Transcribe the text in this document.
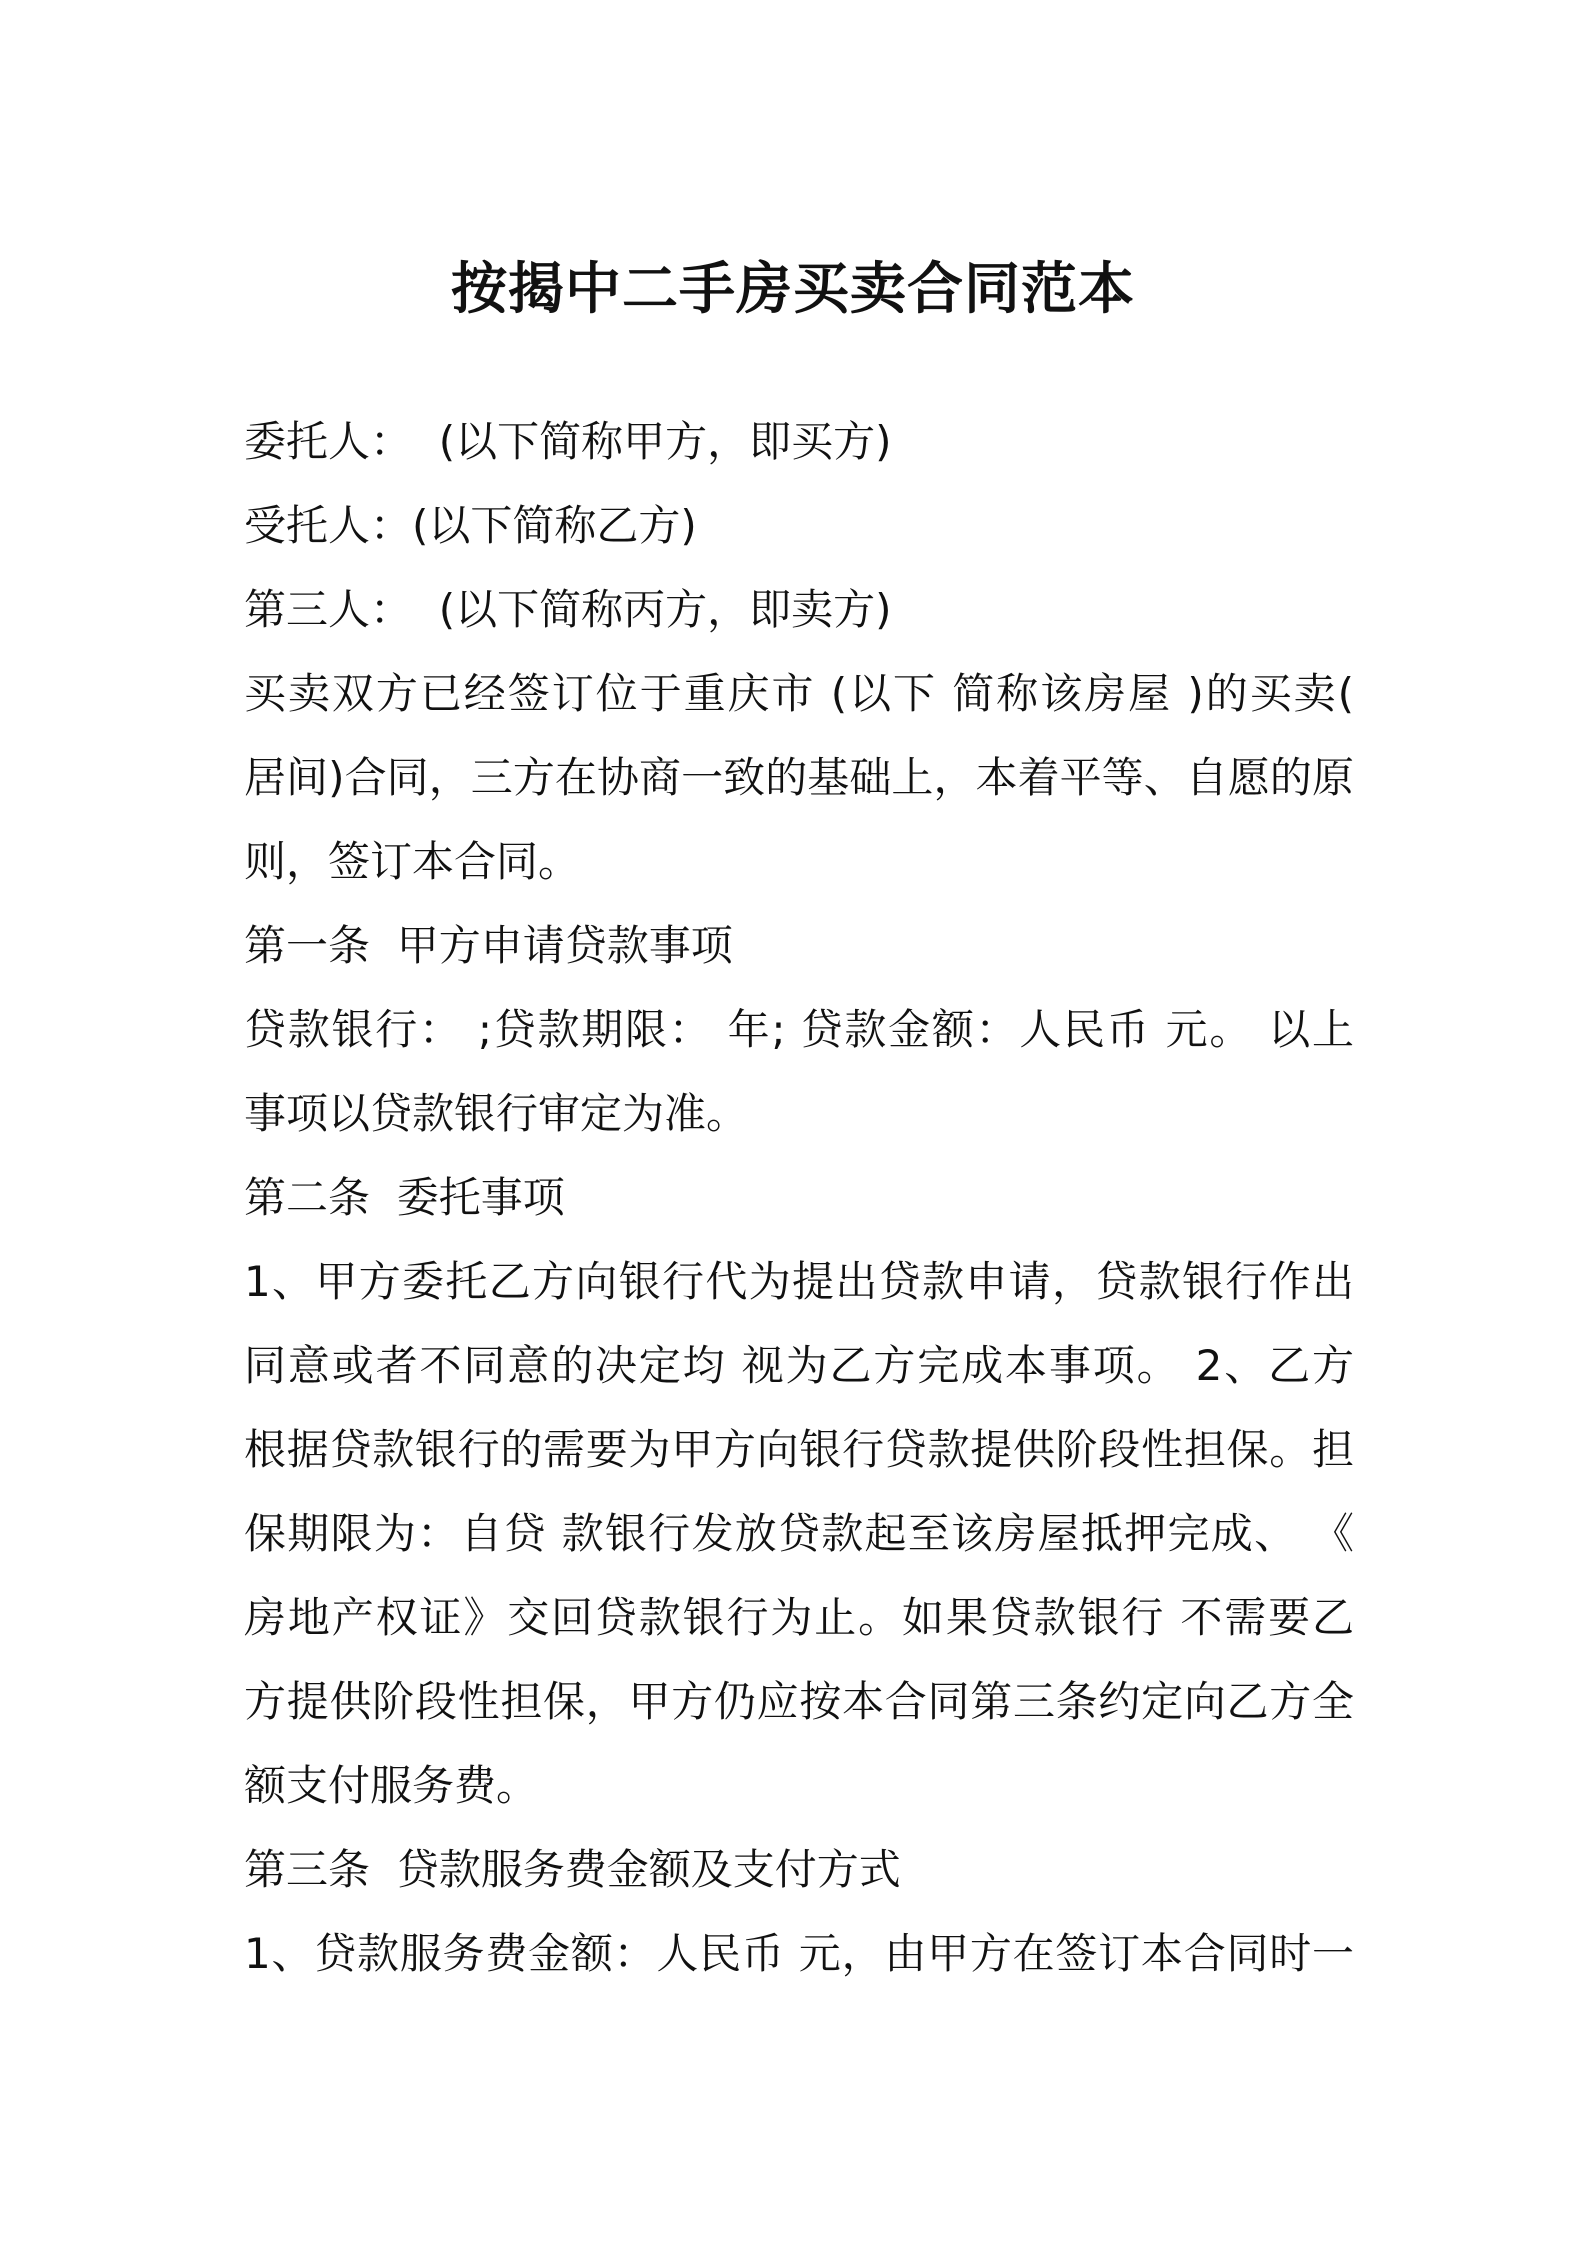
按揭中二手房买卖合同范本
委托人：  (以下简称甲方，即买方)
受托人：(以下简称乙方)
第三人：  (以下简称丙方，即卖方)
买卖双方已经签订位于重庆市 (以下 简称该房屋 )的买卖(
居间)合同，三方在协商一致的基础上，本着平等、自愿的原
则，签订本合同。
第一条  甲方申请贷款事项
贷款银行： ;贷款期限： 年; 贷款金额：人民币 元。 以上
事项以贷款银行审定为准。
第二条  委托事项
1、甲方委托乙方向银行代为提出贷款申请，贷款银行作出
同意或者不同意的决定均 视为乙方完成本事项。 2、乙方
根据贷款银行的需要为甲方向银行贷款提供阶段性担保。担
保期限为：自贷 款银行发放贷款起至该房屋抵押完成、 《
房地产权证》交回贷款银行为止。如果贷款银行 不需要乙
方提供阶段性担保，甲方仍应按本合同第三条约定向乙方全
额支付服务费。
第三条  贷款服务费金额及支付方式
1、贷款服务费金额：人民币 元，由甲方在签订本合同时一
